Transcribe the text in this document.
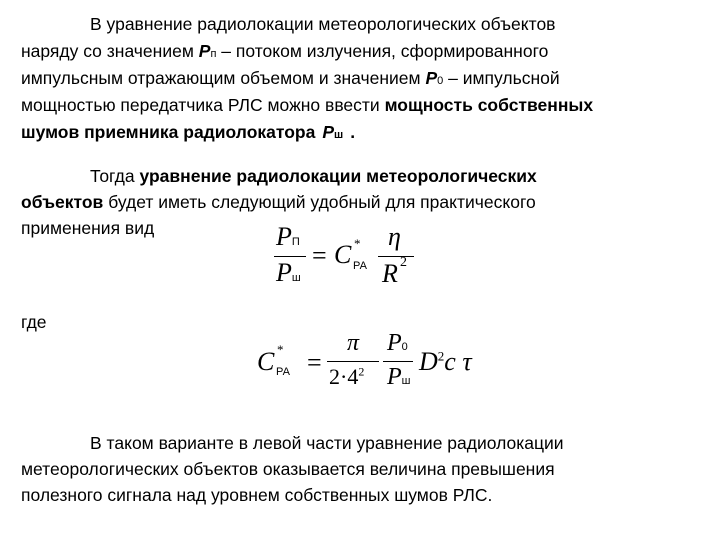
В уравнение радиолокации метеорологических объектов
наряду со значением Pп – потоком излучения, сформированного
импульсным отражающим объемом и значением P0 – импульсной
мощностью передатчика РЛС можно ввести мощность собственных
шумов приемника радиолокатора Pш .
Тогда уравнение радиолокации метеорологических
объектов будет иметь следующий удобный для практического
применения вид	PП
Pш
= C *
РА
η
R 2
где
C *
РА =
π
$2\cdot 4^2$
P0
Pш
$D^2c$ τ
В таком варианте в левой части уравнение радиолокации
метеорологических объектов оказывается величина превышения
полезного сигнала над уровнем собственных шумов РЛС.
